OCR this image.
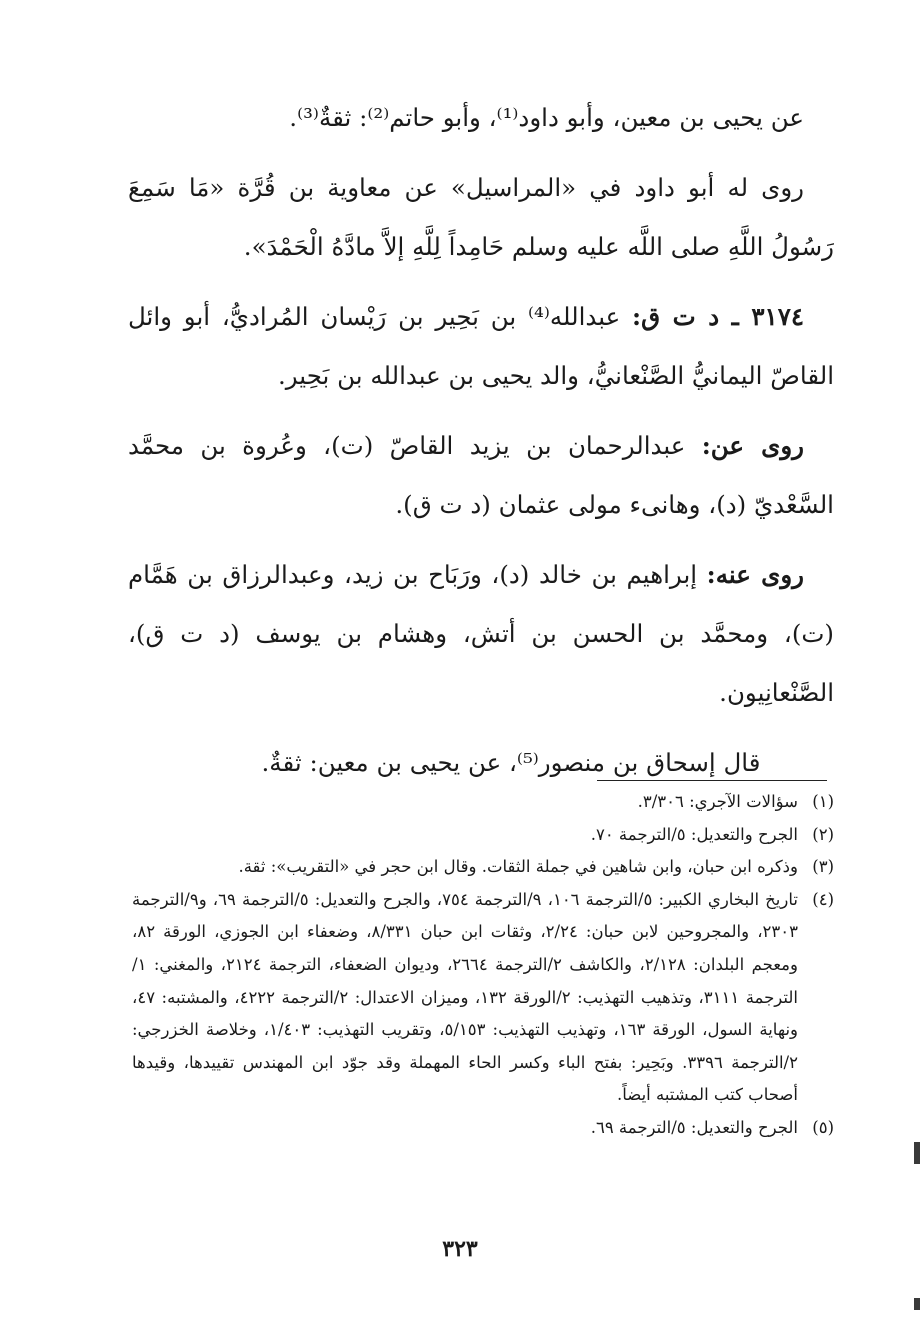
عن يحيى بن معين، وأبو داود⁽¹⁾، وأبو حاتم⁽²⁾: ثقةٌ⁽³⁾.

روى له أبو داود في «المراسيل» عن معاوية بن قُرَّة «مَا سَمِعَ رَسُولُ اللَّهِ صلى اللَّه عليه وسلم حَامِداً لِلَّهِ إلاَّ مادَّهُ الْحَمْدَ».

٣١٧٤ ـ د ت ق: عبدالله⁽⁴⁾ بن بَحِير بن رَيْسان المُراديُّ، أبو وائل القاصّ اليمانيُّ الصَّنْعانيُّ، والد يحيى بن عبدالله بن بَحِير.

روى عن: عبدالرحمان بن يزيد القاصّ (ت)، وعُروة بن محمَّد السَّعْديّ (د)، وهانىء مولى عثمان (د ت ق).

روى عنه: إبراهيم بن خالد (د)، ورَبَاح بن زيد، وعبدالرزاق بن هَمَّام (ت)، ومحمَّد بن الحسن بن أتش، وهشام بن يوسف (د ت ق)، الصَّنْعانِيون.

قال إسحاق بن منصور⁽⁵⁾، عن يحيى بن معين: ثقةٌ.

(١)
سؤالات الآجري: ٣/٣٠٦.
(٢)
الجرح والتعديل: ٥/الترجمة ٧٠.
(٣)
وذكره ابن حبان، وابن شاهين في جملة الثقات. وقال ابن حجر في «التقريب»: ثقة.
(٤)
تاريخ البخاري الكبير: ٥/الترجمة ١٠٦، ٩/الترجمة ٧٥٤، والجرح والتعديل: ٥/الترجمة ٦٩، و٩/الترجمة ٢٣٠٣، والمجروحين لابن حبان: ٢/٢٤، وثقات ابن حبان ٨/٣٣١، وضعفاء ابن الجوزي، الورقة ٨٢، ومعجم البلدان: ٢/١٢٨، والكاشف ٢/الترجمة ٢٦٦٤، وديوان الضعفاء، الترجمة ٢١٢٤، والمغني: ١/الترجمة ٣١١١، وتذهيب التهذيب: ٢/الورقة ١٣٢، وميزان الاعتدال: ٢/الترجمة ٤٢٢٢، والمشتبه: ٤٧، ونهاية السول، الورقة ١٦٣، وتهذيب التهذيب: ٥/١٥٣، وتقريب التهذيب: ١/٤٠٣، وخلاصة الخزرجي: ٢/الترجمة ٣٣٩٦. وبَحِير: بفتح الباء وكسر الحاء المهملة وقد جوّد ابن المهندس تقييدها، وقيدها أصحاب كتب المشتبه أيضاً.
(٥)
الجرح والتعديل: ٥/الترجمة ٦٩.
٣٢٣
